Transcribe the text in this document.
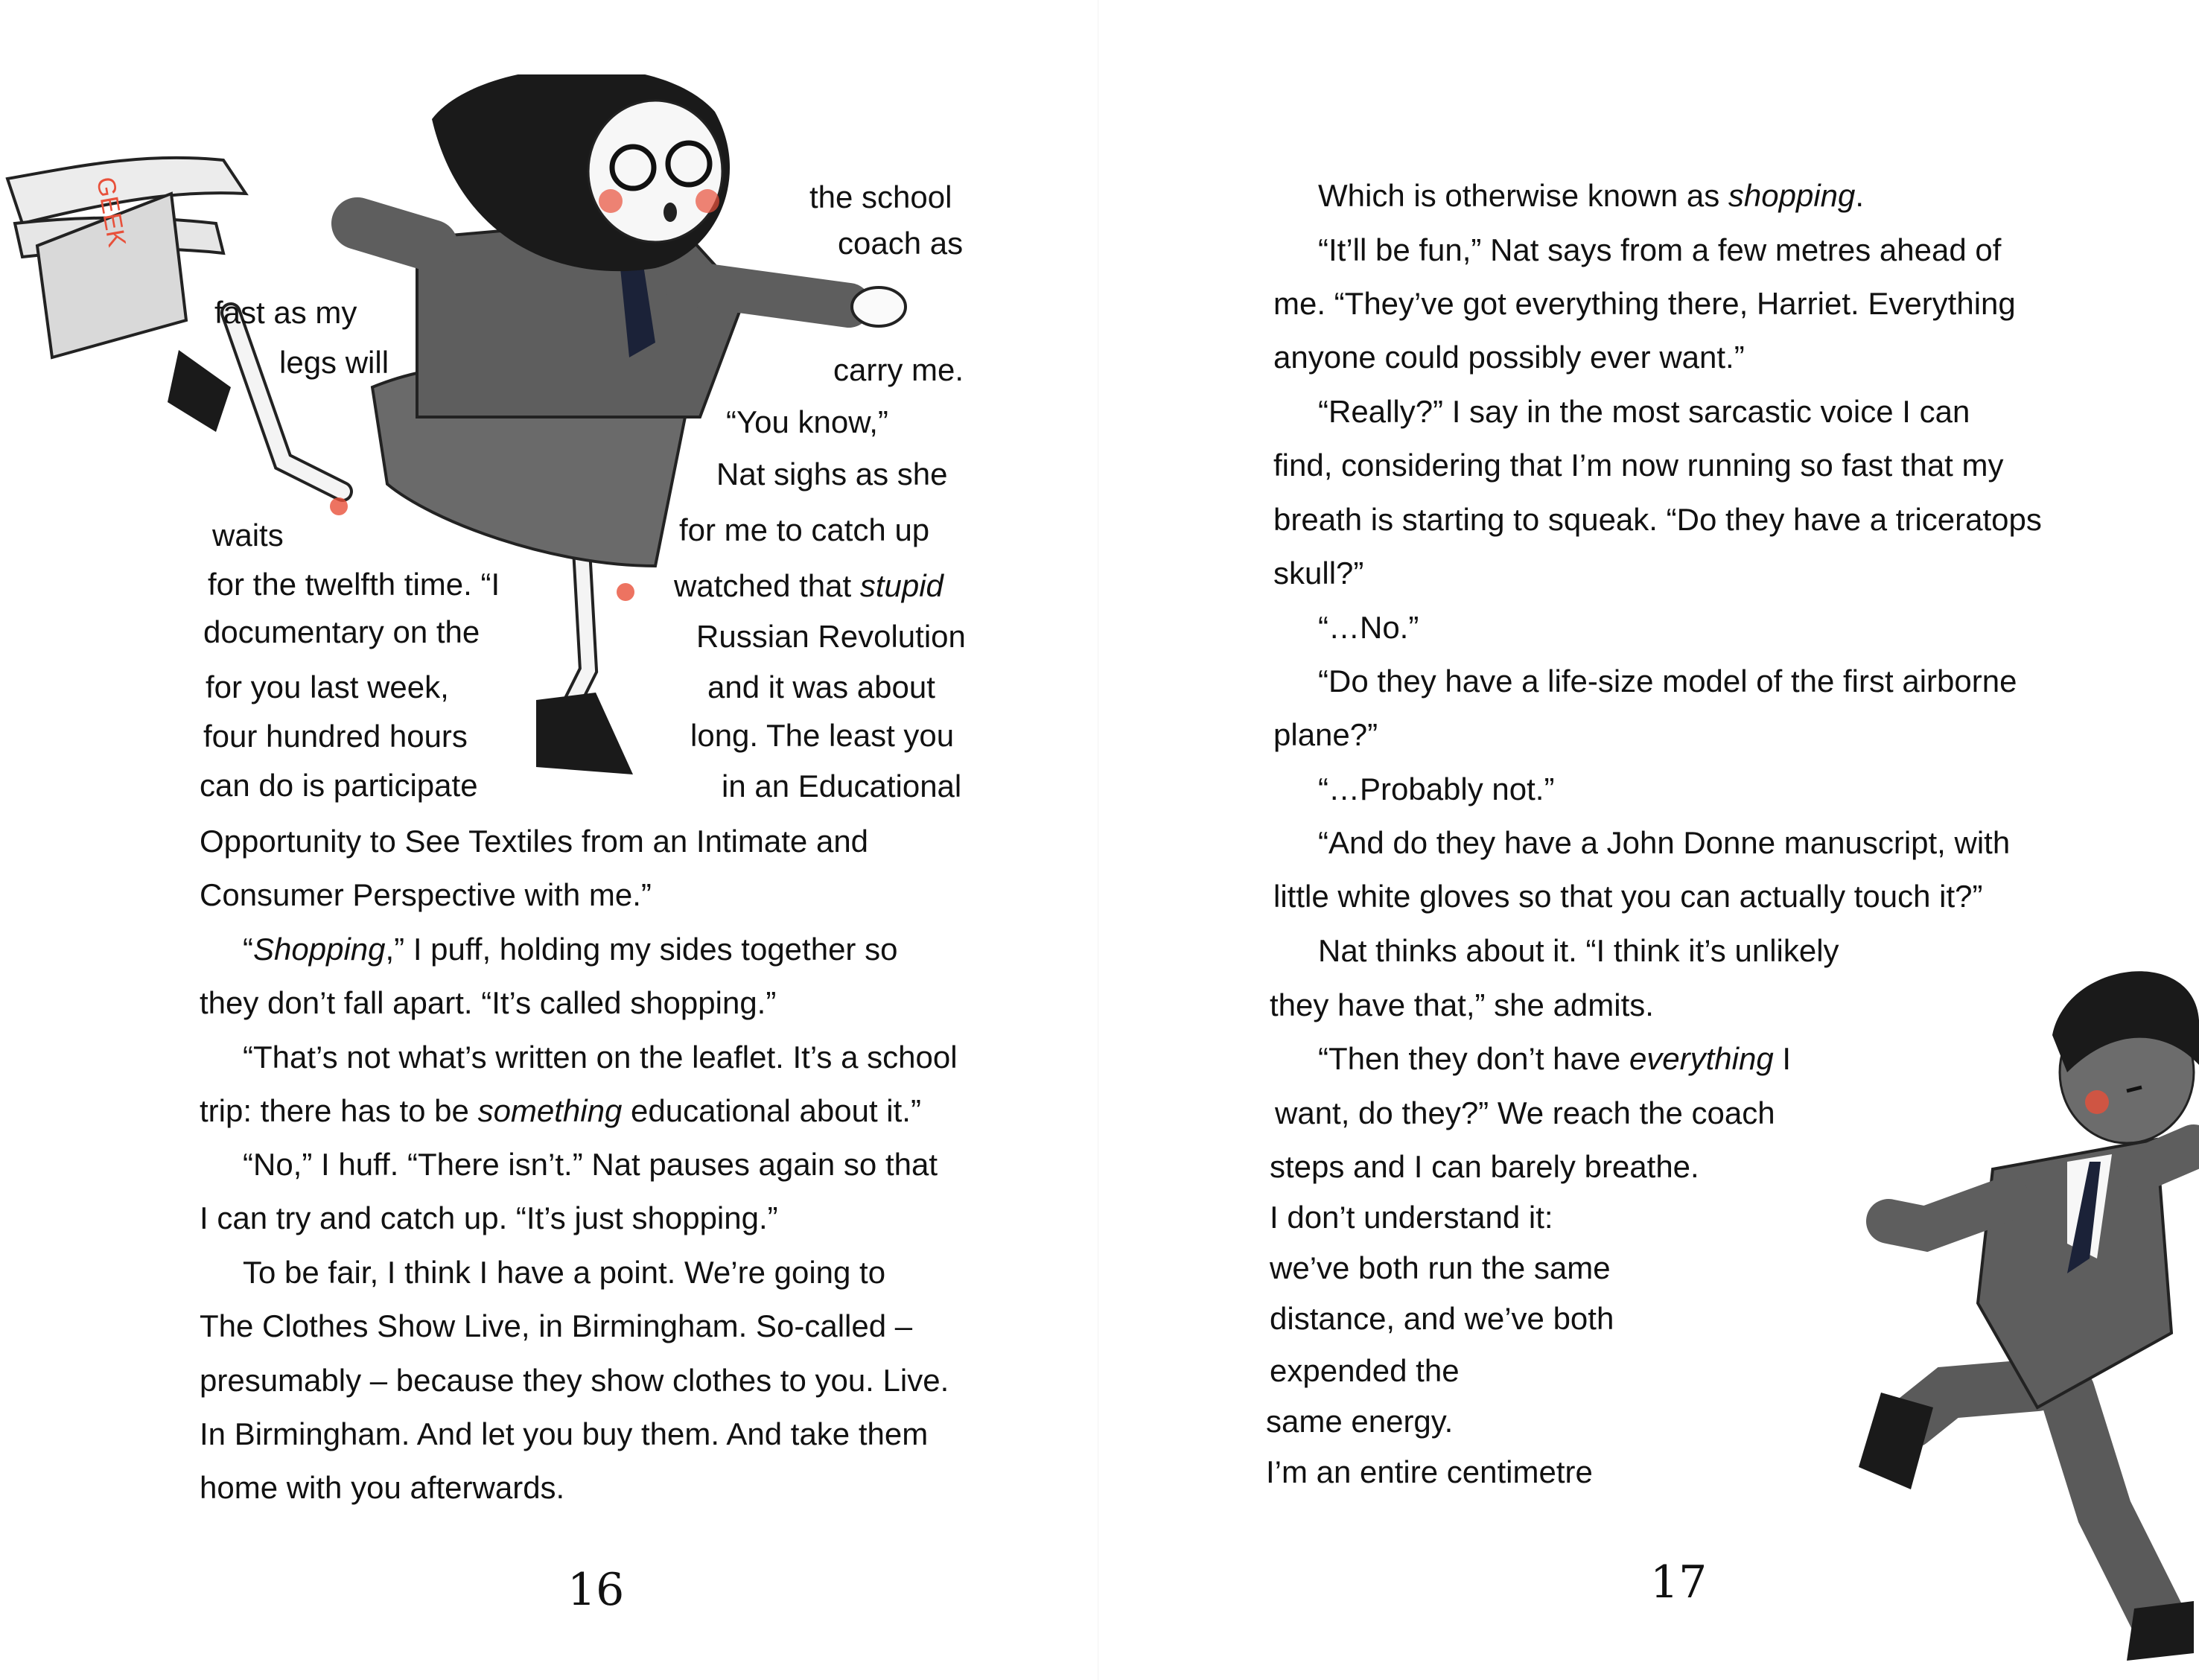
GEEK	the school
coach as
fast as my
legs will	carry me.
“You know,”
Nat sighs as she
waits	for me to catch up
for the twelfth time. “I	watched that stupid
documentary on the	Russian Revolution
for you last week,	and it was about
four hundred hours	long. The least you
can do is participate	in an Educational
Opportunity to See Textiles from an Intimate and
Consumer Perspective with me.”
“Shopping,” I puff, holding my sides together so
they don’t fall apart. “It’s called shopping.”
“That’s not what’s written on the leaflet. It’s a school
trip: there has to be something educational about it.”
“No,” I huff. “There isn’t.” Nat pauses again so that
I can try and catch up. “It’s just shopping.”
To be fair, I think I have a point. We’re going to
The Clothes Show Live, in Birmingham. So-called –
presumably – because they show clothes to you. Live.
In Birmingham. And let you buy them. And take them
home with you afterwards.
16
Which is otherwise known as shopping.
“It’ll be fun,” Nat says from a few metres ahead of
me. “They’ve got everything there, Harriet. Everything
anyone could possibly ever want.”
“Really?” I say in the most sarcastic voice I can
find, considering that I’m now running so fast that my
breath is starting to squeak. “Do they have a triceratops
skull?”
“…No.”
“Do they have a life-size model of the first airborne
plane?”
“…Probably not.”
“And do they have a John Donne manuscript, with
little white gloves so that you can actually touch it?”
Nat thinks about it. “I think it’s unlikely
they have that,” she admits.
“Then they don’t have everything I
want, do they?” We reach the coach
steps and I can barely breathe.
I don’t understand it:
we’ve both run the same
distance, and we’ve both
expended the
same energy.
I’m an entire centimetre
17
